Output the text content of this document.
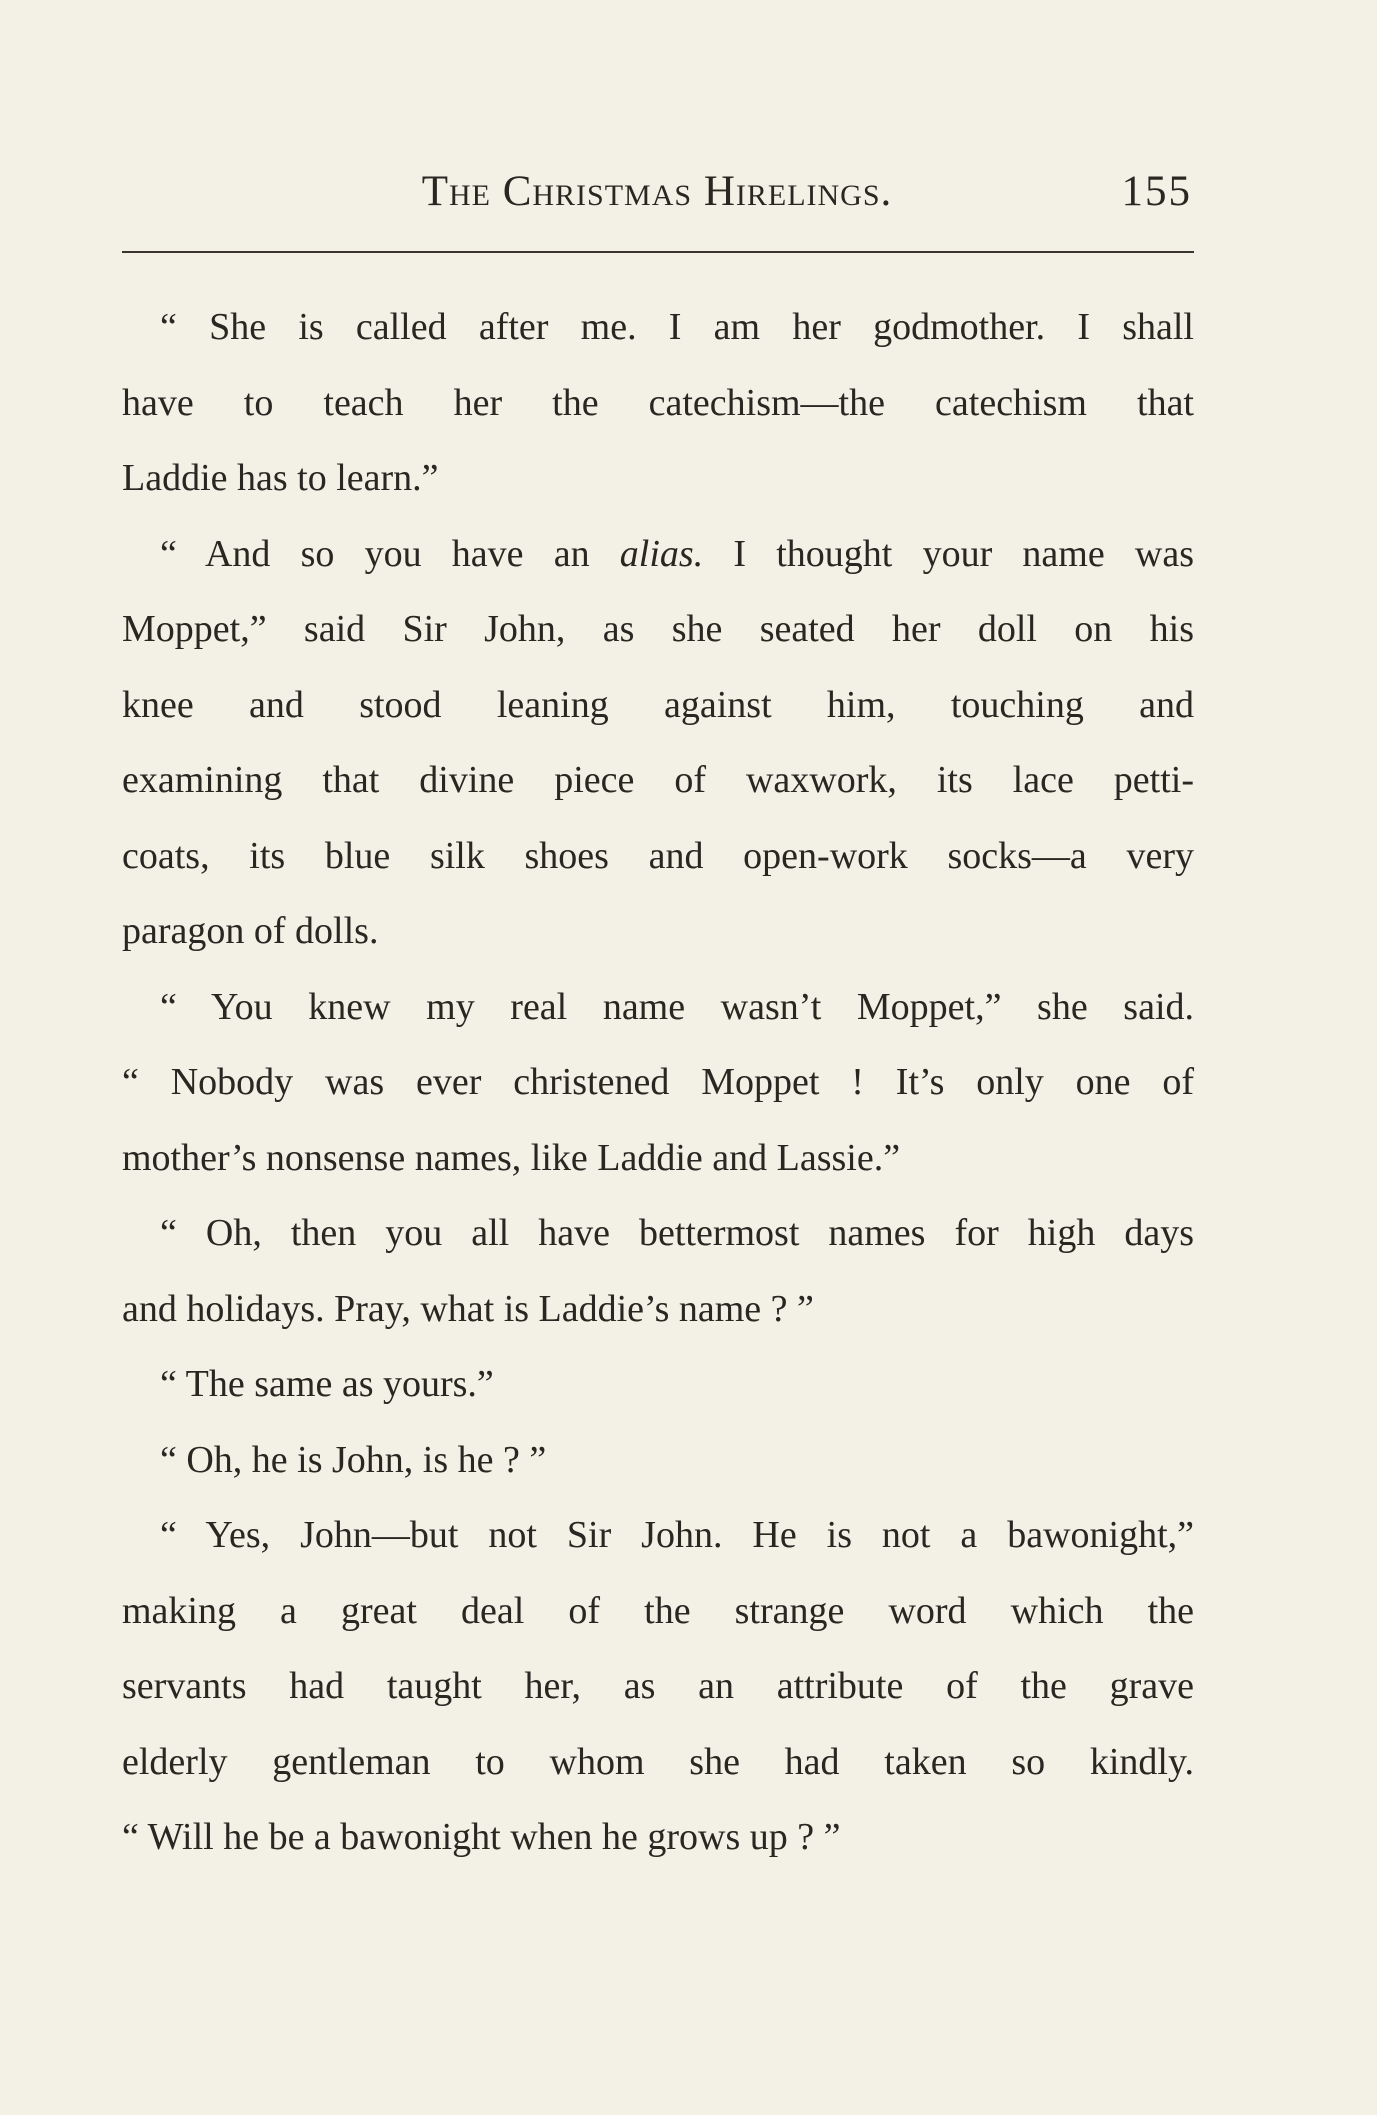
The Christmas Hirelings.	155
“ She is called after me. I am her godmother. I shall
have to teach her the catechism—the catechism that
Laddie has to learn.”
“ And so you have an alias. I thought your name was
Moppet,” said Sir John, as she seated her doll on his
knee and stood leaning against him, touching and
examining that divine piece of waxwork, its lace petti-
coats, its blue silk shoes and open-work socks—a very
paragon of dolls.
“ You knew my real name wasn’t Moppet,” she said.
“ Nobody was ever christened Moppet ! It’s only one of
mother’s nonsense names, like Laddie and Lassie.”
“ Oh, then you all have bettermost names for high days
and holidays. Pray, what is Laddie’s name ? ”
“ The same as yours.”
“ Oh, he is John, is he ? ”
“ Yes, John—but not Sir John. He is not a bawonight,”
making a great deal of the strange word which the
servants had taught her, as an attribute of the grave
elderly gentleman to whom she had taken so kindly.
“ Will he be a bawonight when he grows up ? ”
